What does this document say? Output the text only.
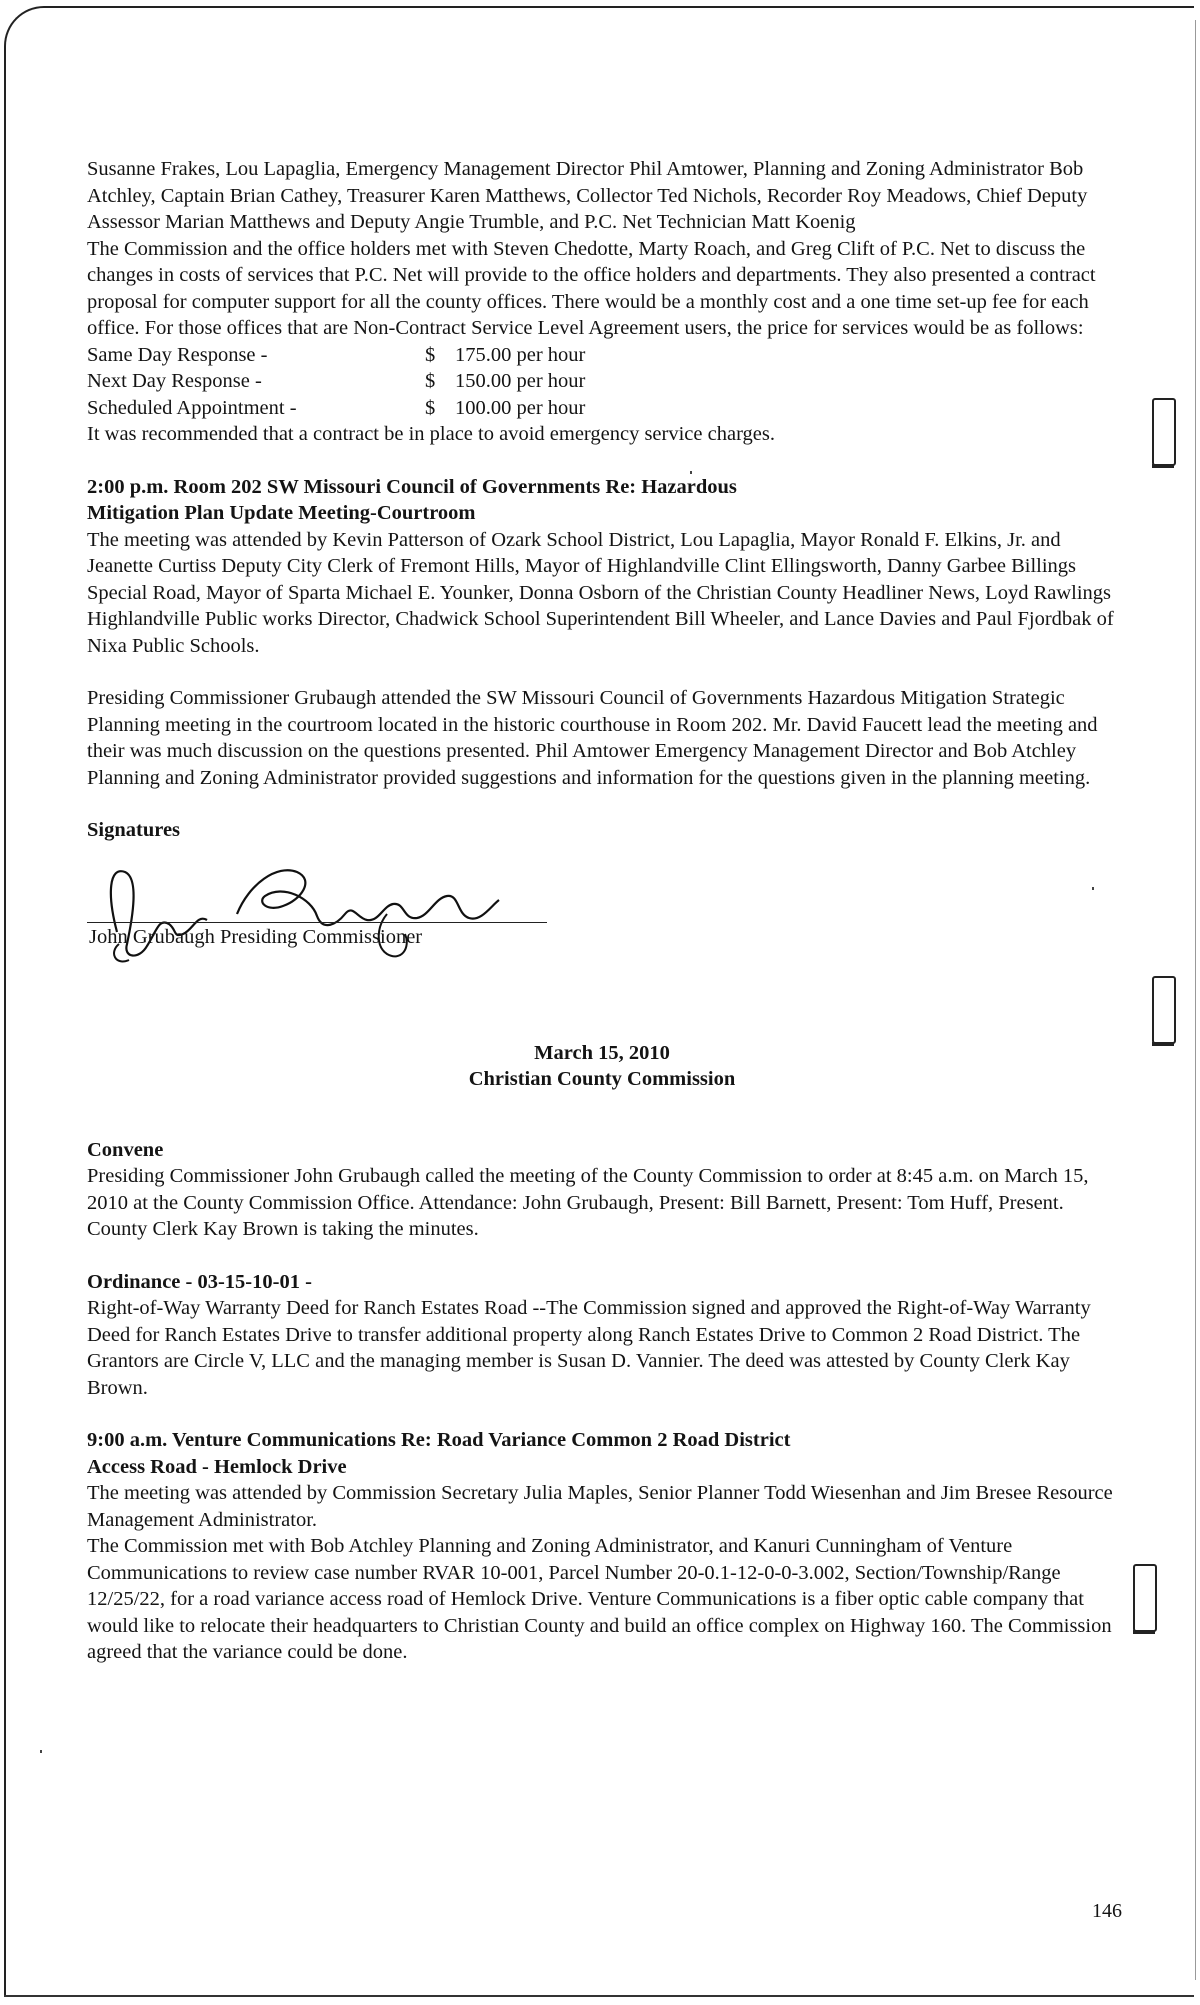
Susanne Frakes, Lou Lapaglia, Emergency Management Director Phil Amtower, Planning and Zoning Administrator Bob Atchley, Captain Brian Cathey, Treasurer Karen Matthews, Collector Ted Nichols, Recorder Roy Meadows, Chief Deputy Assessor Marian Matthews and Deputy Angie Trumble, and P.C. Net Technician Matt Koenig

The Commission and the office holders met with Steven Chedotte, Marty Roach, and Greg Clift of P.C. Net to discuss the changes in costs of services that P.C. Net will provide to the office holders and departments. They also presented a contract proposal for computer support for all the county offices. There would be a monthly cost and a one time set-up fee for each office. For those offices that are Non-Contract Service Level Agreement users, the price for services would be as follows:

Same Day Response -	$ 175.00 per hour
Next Day Response -	$ 150.00 per hour
Scheduled Appointment -	$ 100.00 per hour

It was recommended that a contract be in place to avoid emergency service charges.

2:00 p.m. Room 202 SW Missouri Council of Governments Re: Hazardous

Mitigation Plan Update Meeting-Courtroom

The meeting was attended by Kevin Patterson of Ozark School District, Lou Lapaglia, Mayor Ronald F. Elkins, Jr. and Jeanette Curtiss Deputy City Clerk of Fremont Hills, Mayor of Highlandville Clint Ellingsworth, Danny Garbee Billings Special Road, Mayor of Sparta Michael E. Younker, Donna Osborn of the Christian County Headliner News, Loyd Rawlings Highlandville Public works Director, Chadwick School Superintendent Bill Wheeler, and Lance Davies and Paul Fjordbak of Nixa Public Schools.

Presiding Commissioner Grubaugh attended the SW Missouri Council of Governments Hazardous Mitigation Strategic Planning meeting in the courtroom located in the historic courthouse in Room 202. Mr. David Faucett lead the meeting and their was much discussion on the questions presented. Phil Amtower Emergency Management Director and Bob Atchley Planning and Zoning Administrator provided suggestions and information for the questions given in the planning meeting.

Signatures

John Grubaugh Presiding Commissioner

March 15, 2010

Christian County Commission

Convene

Presiding Commissioner John Grubaugh called the meeting of the County Commission to order at 8:45 a.m. on March 15, 2010 at the County Commission Office. Attendance: John Grubaugh, Present: Bill Barnett, Present: Tom Huff, Present. County Clerk Kay Brown is taking the minutes.

Ordinance - 03-15-10-01 -

Right-of-Way Warranty Deed for Ranch Estates Road --The Commission signed and approved the Right-of-Way Warranty Deed for Ranch Estates Drive to transfer additional property along Ranch Estates Drive to Common 2 Road District. The Grantors are Circle V, LLC and the managing member is Susan D. Vannier. The deed was attested by County Clerk Kay Brown.

9:00 a.m. Venture Communications Re: Road Variance Common 2 Road District

Access Road - Hemlock Drive

The meeting was attended by Commission Secretary Julia Maples, Senior Planner Todd Wiesenhan and Jim Bresee Resource Management Administrator.

The Commission met with Bob Atchley Planning and Zoning Administrator, and Kanuri Cunningham of Venture Communications to review case number RVAR 10-001, Parcel Number 20-0.1-12-0-0-3.002, Section/Township/Range 12/25/22, for a road variance access road of Hemlock Drive. Venture Communications is a fiber optic cable company that would like to relocate their headquarters to Christian County and build an office complex on Highway 160. The Commission agreed that the variance could be done.

146
